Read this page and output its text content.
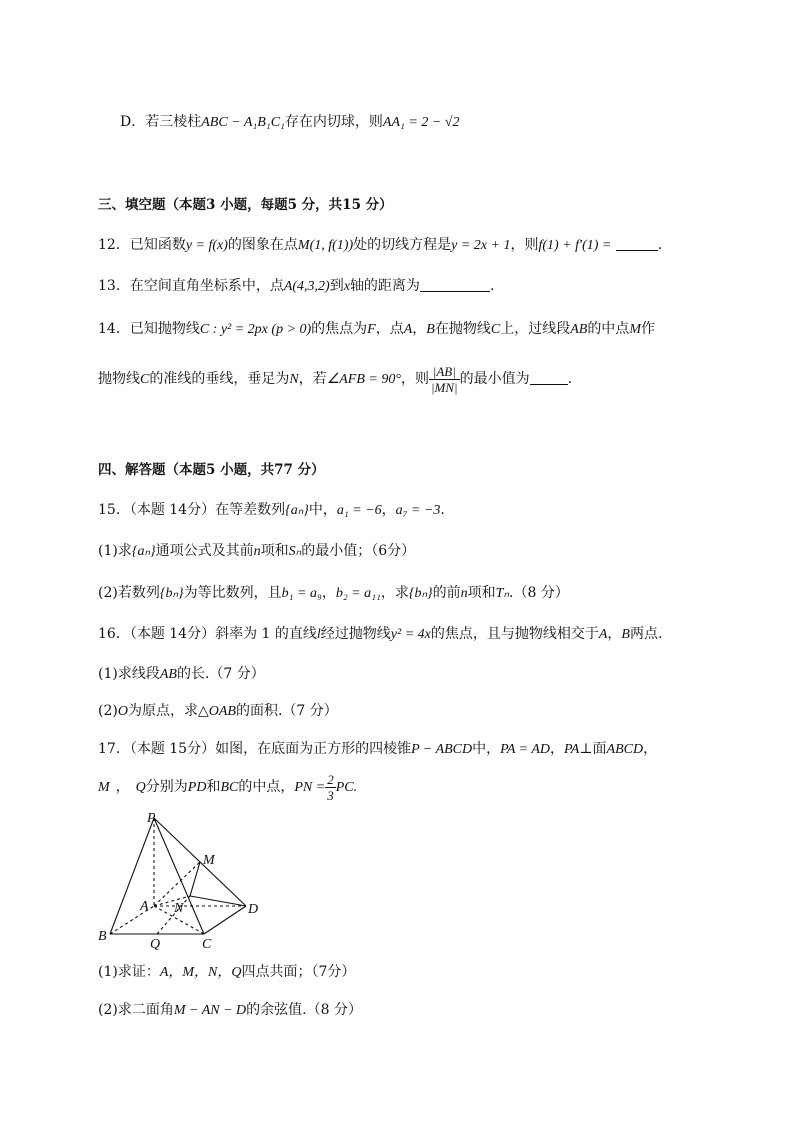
D．若三棱柱ABC − A₁B₁C₁存在内切球，则AA₁ = 2 − √2
三、填空题（本题3 小题，每题5 分，共15 分）
12．已知函数y = f(x)的图象在点M(1, f(1))处的切线方程是y = 2x + 1，则f(1) + f′(1) =	.
13．在空间直角坐标系中，点A(4,3,2)到x轴的距离为	.
14．已知抛物线C : y² = 2px (p > 0)的焦点为F，点A，B在抛物线C上，过线段AB的中点M作
抛物线C的准线的垂线，垂足为N，若∠AFB = 90°，则 $\frac{|AB|}{|MN|}$ 的最小值为	.
四、解答题（本题5 小题，共77 分）
15．（本题 14分）在等差数列{aₙ}中，a₁ = −6，a₇ = −3.
(1)求{aₙ}通项公式及其前n项和Sₙ的最小值；（6分）
(2)若数列{bₙ}为等比数列，且b₁ = a₉，b₂ = a₁₁，求{bₙ}的前n项和Tₙ.（8 分）
16．（本题 14分）斜率为 1 的直线l经过抛物线y² = 4x的焦点，且与抛物线相交于A，B两点.
(1)求线段AB的长.（7 分）
(2)O为原点，求△OAB的面积.（7 分）
17．（本题 15分）如图，在底面为正方形的四棱锥P − ABCD中，PA = AD，PA⊥面ABCD，
M ， Q分别为PD和BC的中点，PN = $\frac{2}{3}$ PC.
P
M
A N	D
B
Q	C
(1)求证：A，M，N，Q四点共面；（7分）
(2)求二面角M − AN − D的余弦值.（8 分）
